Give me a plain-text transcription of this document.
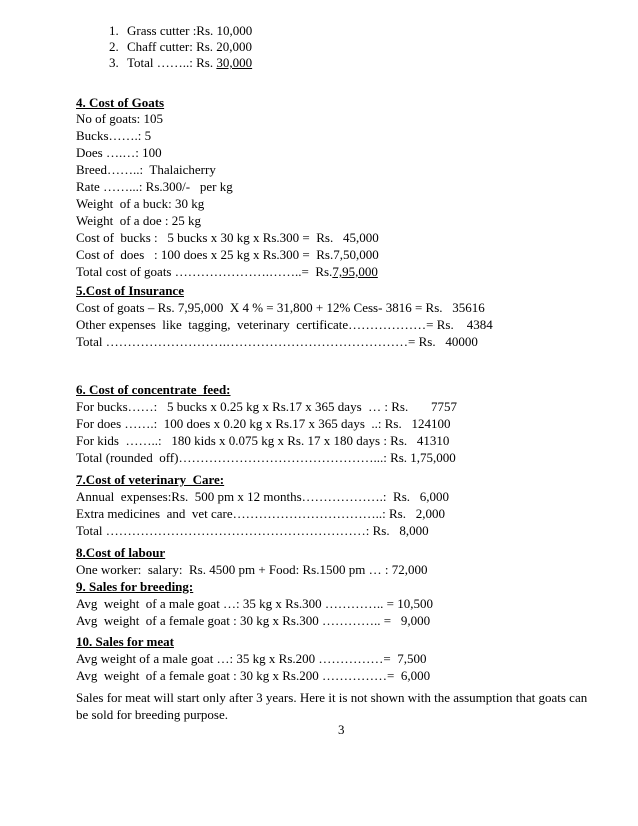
1. Grass cutter :Rs. 10,000

2. Chaff cutter: Rs. 20,000

3. Total ……..: Rs. 30,000

4. Cost of Goats
No of goats: 105
Bucks…….: 5
Does ….…: 100
Breed……..:  Thalaicherry
Rate ……...: Rs.300/-   per kg
Weight  of a buck: 30 kg
Weight  of a doe : 25 kg
Cost of  bucks :   5 bucks x 30 kg x Rs.300 =  Rs.   45,000
Cost of  does   : 100 does x 25 kg x Rs.300 =  Rs.7,50,000
Total cost of goats ………………….……..=  Rs.7,95,000
5.Cost of Insurance
Cost of goats – Rs. 7,95,000  X 4 % = 31,800 + 12% Cess- 3816 = Rs.   35616
Other expenses  like  tagging,  veterinary  certificate………………= Rs.    4384
Total ……………………….……………………………………= Rs.   40000
6. Cost of concentrate  feed:
For bucks……:   5 bucks x 0.25 kg x Rs.17 x 365 days  … : Rs.       7757
For does …….:  100 does x 0.20 kg x Rs.17 x 365 days  ..: Rs.   124100
For kids  ……..:   180 kids x 0.075 kg x Rs. 17 x 180 days : Rs.   41310
Total (rounded  off)………………………………………...: Rs. 1,75,000
7.Cost of veterinary  Care:
Annual  expenses:Rs.  500 pm x 12 months……………….:  Rs.   6,000
Extra medicines  and  vet care……………………………..: Rs.   2,000
Total ……………………………………………………: Rs.   8,000
8.Cost of labour
One worker:  salary:  Rs. 4500 pm + Food: Rs.1500 pm … : 72,000
9. Sales for breeding:
Avg  weight  of a male goat …: 35 kg x Rs.300 ………….. = 10,500
Avg  weight  of a female goat : 30 kg x Rs.300 ………….. =   9,000
10. Sales for meat
Avg weight of a male goat …: 35 kg x Rs.200 ……………=  7,500
Avg  weight  of a female goat : 30 kg x Rs.200 ……………=  6,000
Sales for meat will start only after 3 years. Here it is not shown with the assumption that goats can be sold for breeding purpose.
3
